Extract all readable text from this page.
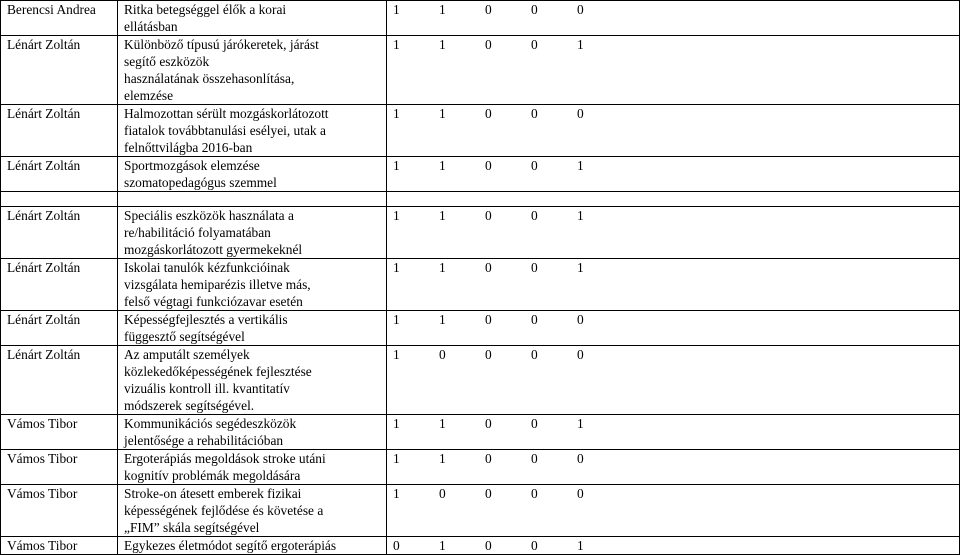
Berencsi Andrea	Ritka betegséggel élők a korai
ellátásban	1 1 0 0 0
Lénárt Zoltán	Különböző típusú járókeretek, járást
segítő eszközök
használatának összehasonlítása,
elemzése	1 1 0 0 1
Lénárt Zoltán	Halmozottan sérült mozgáskorlátozott
fiatalok továbbtanulási esélyei, utak a
felnőttvilágba 2016-ban	1 1 0 0 0
Lénárt Zoltán	Sportmozgások elemzése
szomatopedagógus szemmel	1 1 0 0 1

Lénárt Zoltán	Speciális eszközök használata a
re/habilitáció folyamatában
mozgáskorlátozott gyermekeknél	1 1 0 0 1
Lénárt Zoltán	Iskolai tanulók kézfunkcióinak
vizsgálata hemiparézis illetve más,
felső végtagi funkciózavar esetén	1 1 0 0 1
Lénárt Zoltán	Képességfejlesztés a vertikális
függesztő segítségével	1 1 0 0 0
Lénárt Zoltán	Az amputált személyek
közlekedőképességének fejlesztése
vizuális kontroll ill. kvantitatív
módszerek segítségével.	1 0 0 0 0
Vámos Tibor	Kommunikációs segédeszközök
jelentősége a rehabilitációban	1 1 0 0 1
Vámos Tibor	Ergoterápiás megoldások stroke utáni
kognitív problémák megoldására	1 1 0 0 0
Vámos Tibor	Stroke-on átesett emberek fizikai
képességének fejlődése és követése a
„FIM” skála segítségével	1 0 0 0 0
Vámos Tibor	Egykezes életmódot segítő ergoterápiás	0 1 0 0 1
